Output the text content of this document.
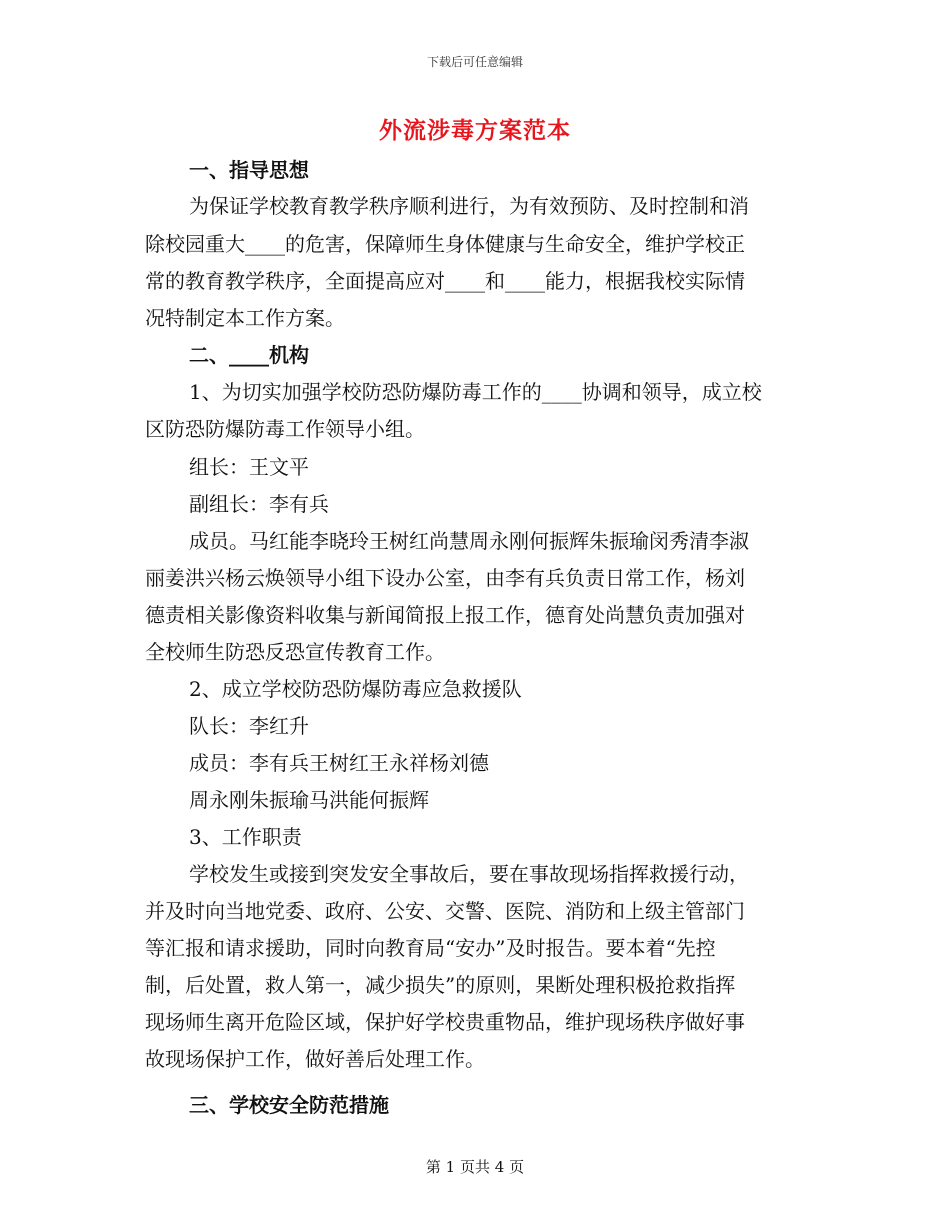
下载后可任意编辑
外流涉毒方案范本
一、指导思想
为保证学校教育教学秩序顺利进行，为有效预防、及时控制和消
除校园重大____的危害，保障师生身体健康与生命安全，维护学校正
常的教育教学秩序，全面提高应对____和____能力，根据我校实际情
况特制定本工作方案。
二、____机构
1、为切实加强学校防恐防爆防毒工作的____协调和领导，成立校
区防恐防爆防毒工作领导小组。
组长：王文平
副组长：李有兵
成员。马红能李晓玲王树红尚慧周永刚何振辉朱振瑜闵秀清李淑
丽姜洪兴杨云焕领导小组下设办公室，由李有兵负责日常工作，杨刘
德责相关影像资料收集与新闻简报上报工作，德育处尚慧负责加强对
全校师生防恐反恐宣传教育工作。
2、成立学校防恐防爆防毒应急救援队
队长：李红升
成员：李有兵王树红王永祥杨刘德
周永刚朱振瑜马洪能何振辉
3、工作职责
学校发生或接到突发安全事故后，要在事故现场指挥救援行动，
并及时向当地党委、政府、公安、交警、医院、消防和上级主管部门
等汇报和请求援助，同时向教育局“安办”及时报告。要本着“先控
制，后处置，救人第一，减少损失”的原则，果断处理积极抢救指挥
现场师生离开危险区域，保护好学校贵重物品，维护现场秩序做好事
故现场保护工作，做好善后处理工作。
三、学校安全防范措施
第 1 页共 4 页
